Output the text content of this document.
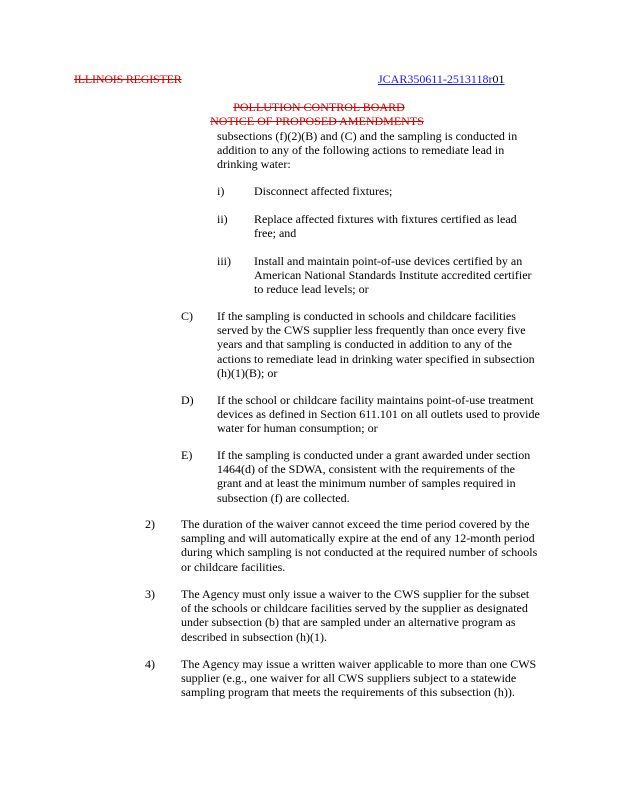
ILLINOIS REGISTER	JCAR350611-2513118r01
POLLUTION CONTROL BOARD
NOTICE OF PROPOSED AMENDMENTS
subsections (f)(2)(B) and (C) and the sampling is conducted in
addition to any of the following actions to remediate lead in
drinking water:
i) Disconnect affected fixtures;
ii) Replace affected fixtures with fixtures certified as lead
free; and
iii) Install and maintain point-of-use devices certified by an
American National Standards Institute accredited certifier
to reduce lead levels; or
C) If the sampling is conducted in schools and childcare facilities
served by the CWS supplier less frequently than once every five
years and that sampling is conducted in addition to any of the
actions to remediate lead in drinking water specified in subsection
(h)(1)(B); or
D) If the school or childcare facility maintains point-of-use treatment
devices as defined in Section 611.101 on all outlets used to provide
water for human consumption; or
E) If the sampling is conducted under a grant awarded under section
1464(d) of the SDWA, consistent with the requirements of the
grant and at least the minimum number of samples required in
subsection (f) are collected.
2) The duration of the waiver cannot exceed the time period covered by the
sampling and will automatically expire at the end of any 12-month period
during which sampling is not conducted at the required number of schools
or childcare facilities.
3) The Agency must only issue a waiver to the CWS supplier for the subset
of the schools or childcare facilities served by the supplier as designated
under subsection (b) that are sampled under an alternative program as
described in subsection (h)(1).
4) The Agency may issue a written waiver applicable to more than one CWS
supplier (e.g., one waiver for all CWS suppliers subject to a statewide
sampling program that meets the requirements of this subsection (h)).
